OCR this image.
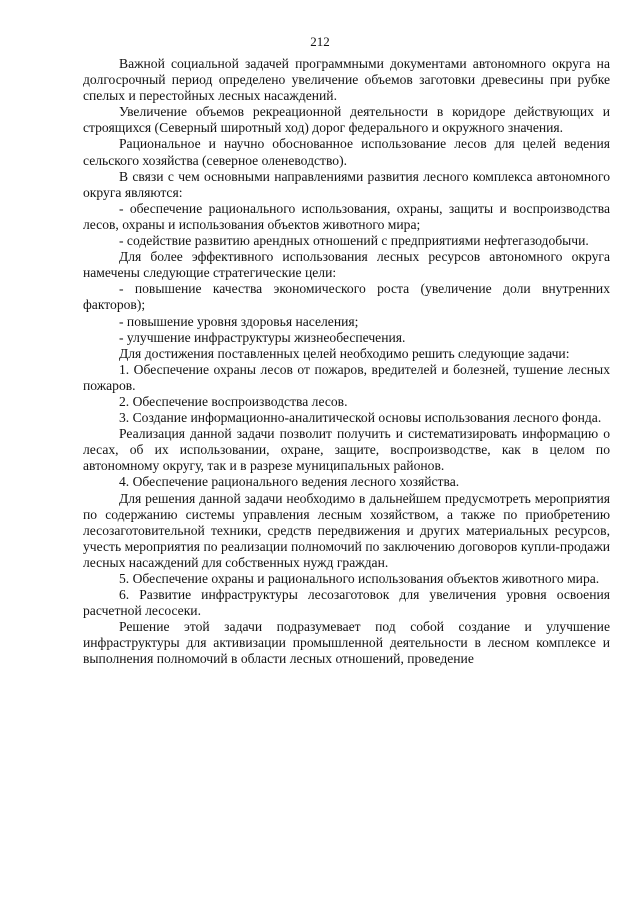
212

Важной социальной задачей программными документами автономного округа на долгосрочный период определено увеличение объемов заготовки древесины при рубке спелых и перестойных лесных насаждений.

Увеличение объемов рекреационной деятельности в коридоре действующих и строящихся (Северный широтный ход) дорог федерального и окружного значения.

Рациональное и научно обоснованное использование лесов для целей ведения сельского хозяйства (северное оленеводство).

В связи с чем основными направлениями развития лесного комплекса автономного округа являются:

- обеспечение рационального использования, охраны, защиты и воспроизводства лесов, охраны и использования объектов животного мира;

- содействие развитию арендных отношений с предприятиями нефтегазодобычи.

Для более эффективного использования лесных ресурсов автономного округа намечены следующие стратегические цели:

- повышение качества экономического роста (увеличение доли внутренних факторов);

- повышение уровня здоровья населения;

- улучшение инфраструктуры жизнеобеспечения.

Для достижения поставленных целей необходимо решить следующие задачи:

1. Обеспечение охраны лесов от пожаров, вредителей и болезней, тушение лесных пожаров.

2. Обеспечение воспроизводства лесов.

3. Создание информационно-аналитической основы использования лесного фонда.

Реализация данной задачи позволит получить и систематизировать информацию о лесах, об их использовании, охране, защите, воспроизводстве, как в целом по автономному округу, так и в разрезе муниципальных районов.

4. Обеспечение рационального ведения лесного хозяйства.

Для решения данной задачи необходимо в дальнейшем предусмотреть мероприятия по содержанию системы управления лесным хозяйством, а также по приобретению лесозаготовительной техники, средств передвижения и других материальных ресурсов, учесть мероприятия по реализации полномочий по заключению договоров купли-продажи лесных насаждений для собственных нужд граждан.

5. Обеспечение охраны и рационального использования объектов животного мира.

6. Развитие инфраструктуры лесозаготовок для увеличения уровня освоения расчетной лесосеки.

Решение этой задачи подразумевает под собой создание и улучшение инфраструктуры для активизации промышленной деятельности в лесном комплексе и выполнения полномочий в области лесных отношений, проведение
